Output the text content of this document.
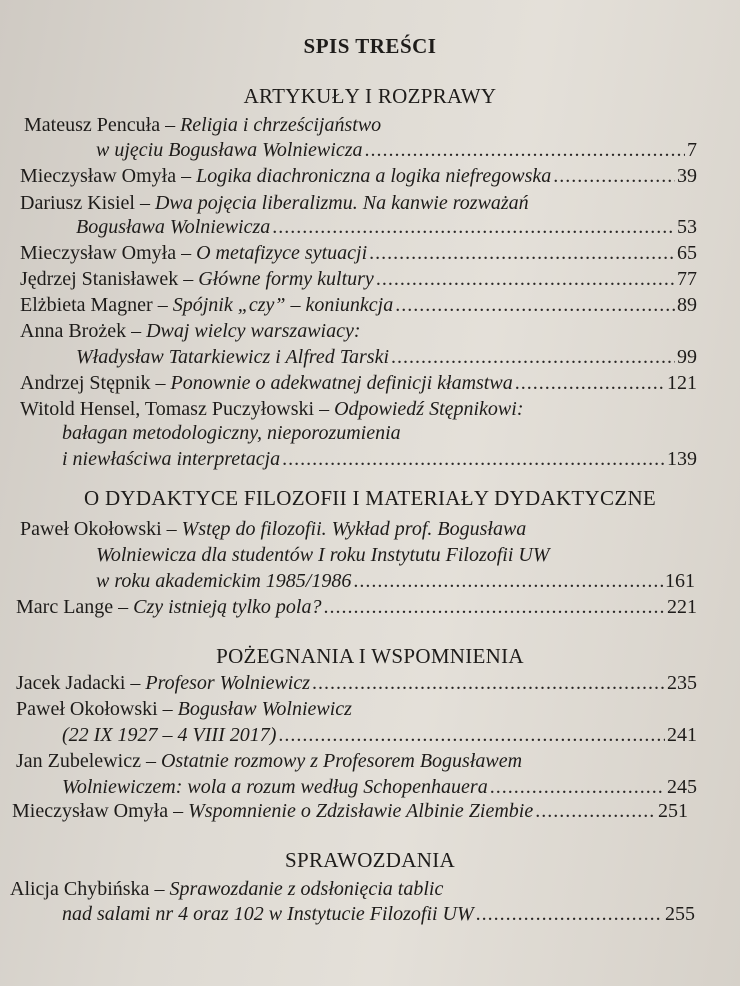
SPIS TREŚCI
Mateusz Pencuła – Religia i chrześcijaństwo
w ujęciu Bogusława Wolniewicza .....	7
Mieczysław Omyła – Logika diachroniczna a logika niefregowska .....	39
Dariusz Kisiel – Dwa pojęcia liberalizmu. Na kanwie rozważań
Bogusława Wolniewicza .....	53
Mieczysław Omyła – O metafizyce sytuacji .....	65
Jędrzej Stanisławek – Główne formy kultury .....	77
Elżbieta Magner – Spójnik „czy” – koniunkcja .....	89
Anna Brożek – Dwaj wielcy warszawiacy:
Władysław Tatarkiewicz i Alfred Tarski .....	99
Andrzej Stępnik – Ponownie o adekwatnej definicji kłamstwa .....	121
Witold Hensel, Tomasz Puczyłowski – Odpowiedź Stępnikowi:
bałagan metodologiczny, nieporozumienia
i niewłaściwa interpretacja .....	139
Paweł Okołowski – Wstęp do filozofii. Wykład prof. Bogusława
Wolniewicza dla studentów I roku Instytutu Filozofii UW
w roku akademickim 1985/1986 .....	161
Marc Lange – Czy istnieją tylko pola? .....	221
Jacek Jadacki – Profesor Wolniewicz .....	235
Paweł Okołowski – Bogusław Wolniewicz
(22 IX 1927 – 4 VIII 2017) .....	241
Jan Zubelewicz – Ostatnie rozmowy z Profesorem Bogusławem
Wolniewiczem: wola a rozum według Schopenhauera .....	245
Mieczysław Omyła – Wspomnienie o Zdzisławie Albinie Ziembie .....	251
Alicja Chybińska – Sprawozdanie z odsłonięcia tablic
nad salami nr 4 oraz 102 w Instytucie Filozofii UW .....	255
ARTYKUŁY I ROZPRAWY
O DYDAKTYCE FILOZOFII I MATERIAŁY DYDAKTYCZNE
POŻEGNANIA I WSPOMNIENIA
SPRAWOZDANIA
